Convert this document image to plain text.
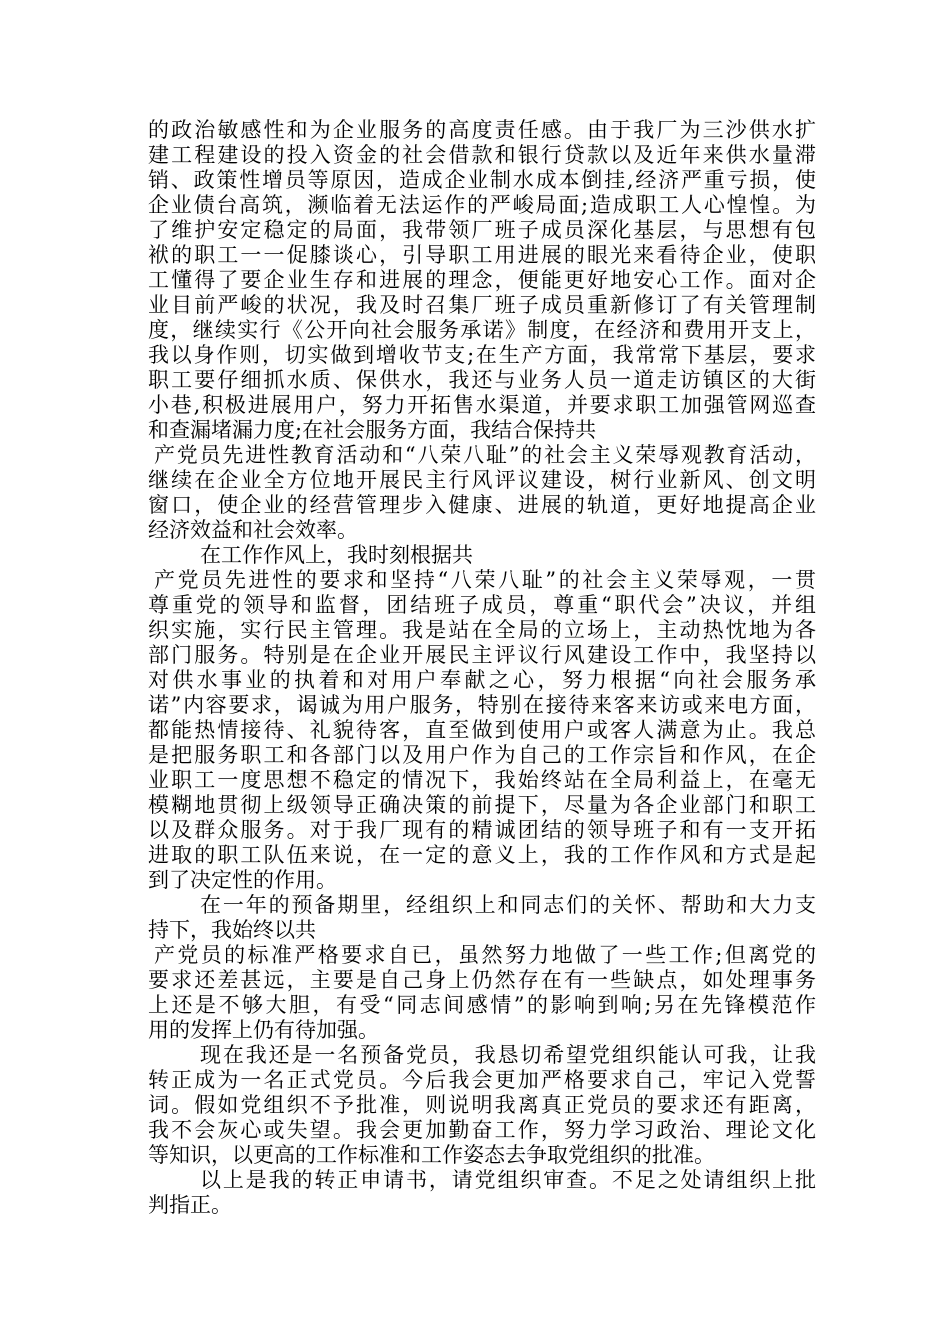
的政治敏感性和为企业服务的高度责任感。由于我厂为三沙供水扩
建工程建设的投入资金的社会借款和银行贷款以及近年来供水量滞
销、政策性增员等原因，造成企业制水成本倒挂,经济严重亏损，使
企业债台高筑，濒临着无法运作的严峻局面;造成职工人心惶惶。为
了维护安定稳定的局面，我带领厂班子成员深化基层，与思想有包
袱的职工一一促膝谈心，引导职工用进展的眼光来看待企业，使职
工懂得了要企业生存和进展的理念，便能更好地安心工作。面对企
业目前严峻的状况，我及时召集厂班子成员重新修订了有关管理制
度，继续实行《公开向社会服务承诺》制度，在经济和费用开支上，
我以身作则，切实做到增收节支;在生产方面，我常常下基层，要求
职工要仔细抓水质、保供水，我还与业务人员一道走访镇区的大街
小巷,积极进展用户，努力开拓售水渠道，并要求职工加强管网巡查
和查漏堵漏力度;在社会服务方面，我结合保持共
产党员先进性教育活动和“八荣八耻”的社会主义荣辱观教育活动，
继续在企业全方位地开展民主行风评议建设，树行业新风、创文明
窗口，使企业的经营管理步入健康、进展的轨道，更好地提高企业
经济效益和社会效率。
在工作作风上，我时刻根据共
产党员先进性的要求和坚持“八荣八耻”的社会主义荣辱观，一贯
尊重党的领导和监督，团结班子成员，尊重“职代会”决议，并组
织实施，实行民主管理。我是站在全局的立场上，主动热忱地为各
部门服务。特别是在企业开展民主评议行风建设工作中，我坚持以
对供水事业的执着和对用户奉献之心，努力根据“向社会服务承
诺”内容要求，谒诚为用户服务，特别在接待来客来访或来电方面，
都能热情接待、礼貌待客，直至做到使用户或客人满意为止。我总
是把服务职工和各部门以及用户作为自己的工作宗旨和作风，在企
业职工一度思想不稳定的情况下，我始终站在全局利益上，在毫无
模糊地贯彻上级领导正确决策的前提下，尽量为各企业部门和职工
以及群众服务。对于我厂现有的精诚团结的领导班子和有一支开拓
进取的职工队伍来说，在一定的意义上，我的工作作风和方式是起
到了决定性的作用。
在一年的预备期里，经组织上和同志们的关怀、帮助和大力支
持下，我始终以共
产党员的标准严格要求自已，虽然努力地做了一些工作;但离党的
要求还差甚远，主要是自己身上仍然存在有一些缺点，如处理事务
上还是不够大胆，有受“同志间感情”的影响到响;另在先锋模范作
用的发挥上仍有待加强。
现在我还是一名预备党员，我恳切希望党组织能认可我，让我
转正成为一名正式党员。今后我会更加严格要求自己，牢记入党誓
词。假如党组织不予批准，则说明我离真正党员的要求还有距离，
我不会灰心或失望。我会更加勤奋工作，努力学习政治、理论文化
等知识，以更高的工作标准和工作姿态去争取党组织的批准。
以上是我的转正申请书，请党组织审查。不足之处请组织上批
判指正。
